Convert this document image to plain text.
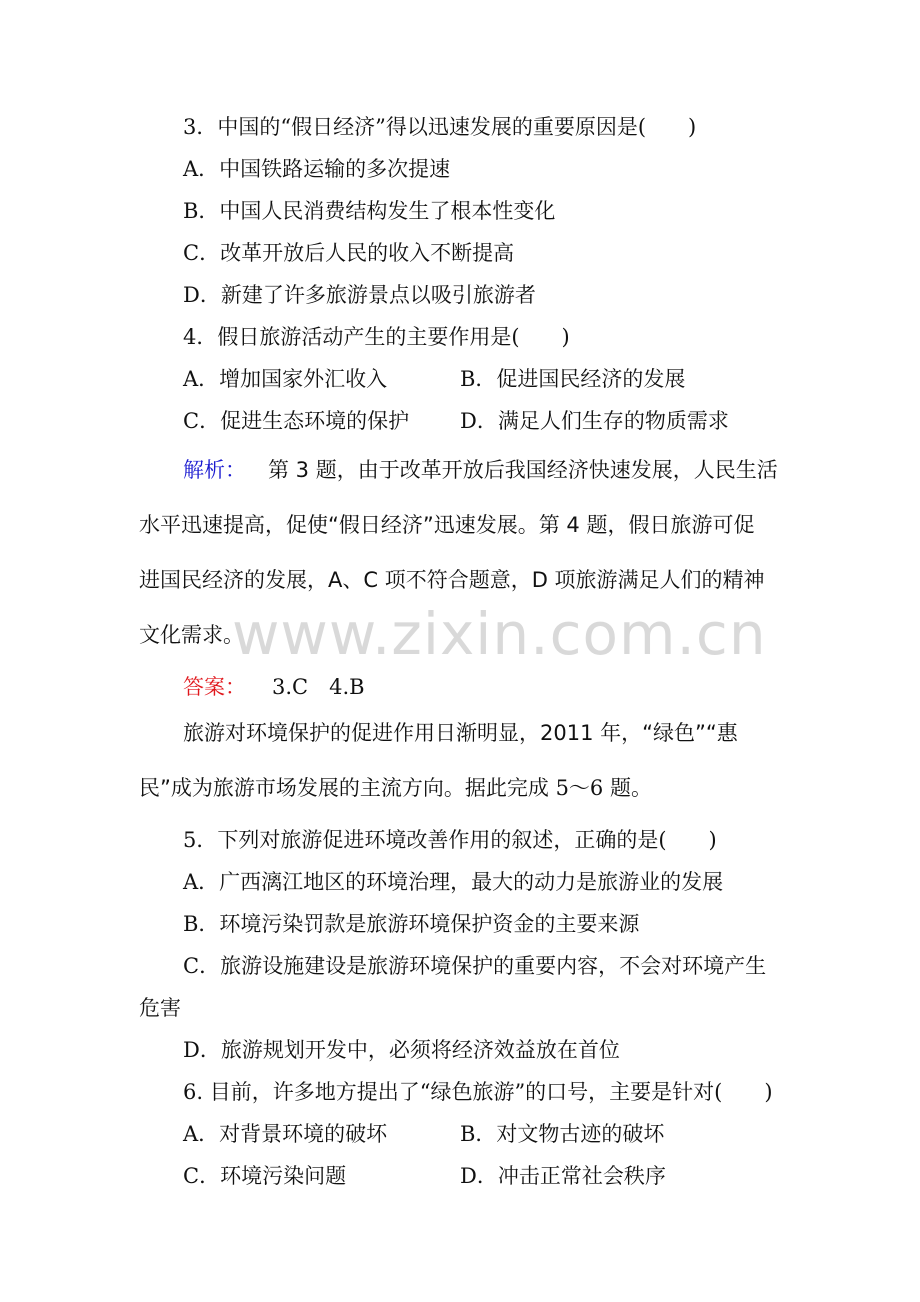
www.zixin.com.cn
3．中国的“假日经济”得以迅速发展的重要原因是(　　)
A．中国铁路运输的多次提速
B．中国人民消费结构发生了根本性变化
C．改革开放后人民的收入不断提高
D．新建了许多旅游景点以吸引旅游者
4．假日旅游活动产生的主要作用是(　　)
A．增加国家外汇收入	B．促进国民经济的发展
C．促进生态环境的保护 D．满足人们生存的物质需求
解析： 第 3 题，由于改革开放后我国经济快速发展，人民生活
水平迅速提高，促使“假日经济”迅速发展。第 4 题，假日旅游可促
进国民经济的发展，A、C 项不符合题意，D 项旅游满足人们的精神
文化需求。
答案： 3.C　4.B
旅游对环境保护的促进作用日渐明显，2011 年，“绿色”“惠
民”成为旅游市场发展的主流方向。据此完成 5～6 题。
5．下列对旅游促进环境改善作用的叙述，正确的是(　　)
A．广西漓江地区的环境治理，最大的动力是旅游业的发展
B．环境污染罚款是旅游环境保护资金的主要来源
C．旅游设施建设是旅游环境保护的重要内容，不会对环境产生
危害
D．旅游规划开发中，必须将经济效益放在首位
6. 目前，许多地方提出了“绿色旅游”的口号，主要是针对(　　)
A．对背景环境的破坏	B．对文物古迹的破坏
C．环境污染问题	D．冲击正常社会秩序
